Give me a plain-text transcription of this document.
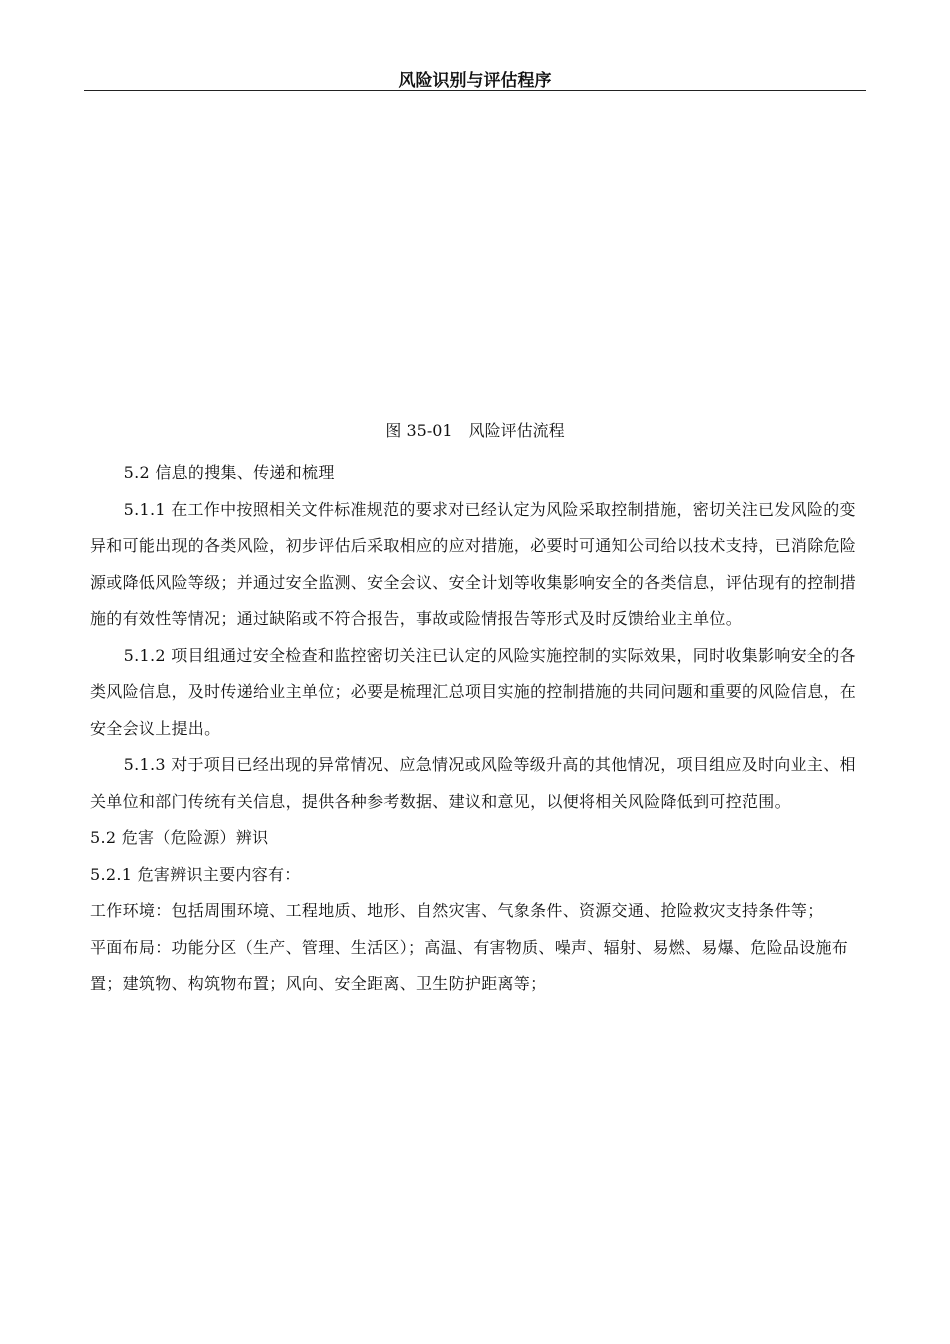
风险识别与评估程序
图 35-01　风险评估流程

5.2 信息的搜集、传递和梳理

5.1.1 在工作中按照相关文件标准规范的要求对已经认定为风险采取控制措施，密切关注已发风险的变异和可能出现的各类风险，初步评估后采取相应的应对措施，必要时可通知公司给以技术支持，已消除危险源或降低风险等级；并通过安全监测、安全会议、安全计划等收集影响安全的各类信息，评估现有的控制措施的有效性等情况；通过缺陷或不符合报告，事故或险情报告等形式及时反馈给业主单位。

5.1.2 项目组通过安全检查和监控密切关注已认定的风险实施控制的实际效果，同时收集影响安全的各类风险信息，及时传递给业主单位；必要是梳理汇总项目实施的控制措施的共同问题和重要的风险信息，在安全会议上提出。

5.1.3 对于项目已经出现的异常情况、应急情况或风险等级升高的其他情况，项目组应及时向业主、相关单位和部门传统有关信息，提供各种参考数据、建议和意见，以便将相关风险降低到可控范围。

5.2 危害（危险源）辨识

5.2.1 危害辨识主要内容有：

工作环境：包括周围环境、工程地质、地形、自然灾害、气象条件、资源交通、抢险救灾支持条件等；

平面布局：功能分区（生产、管理、生活区）；高温、有害物质、噪声、辐射、易燃、易爆、危险品设施布置；建筑物、构筑物布置；风向、安全距离、卫生防护距离等；
